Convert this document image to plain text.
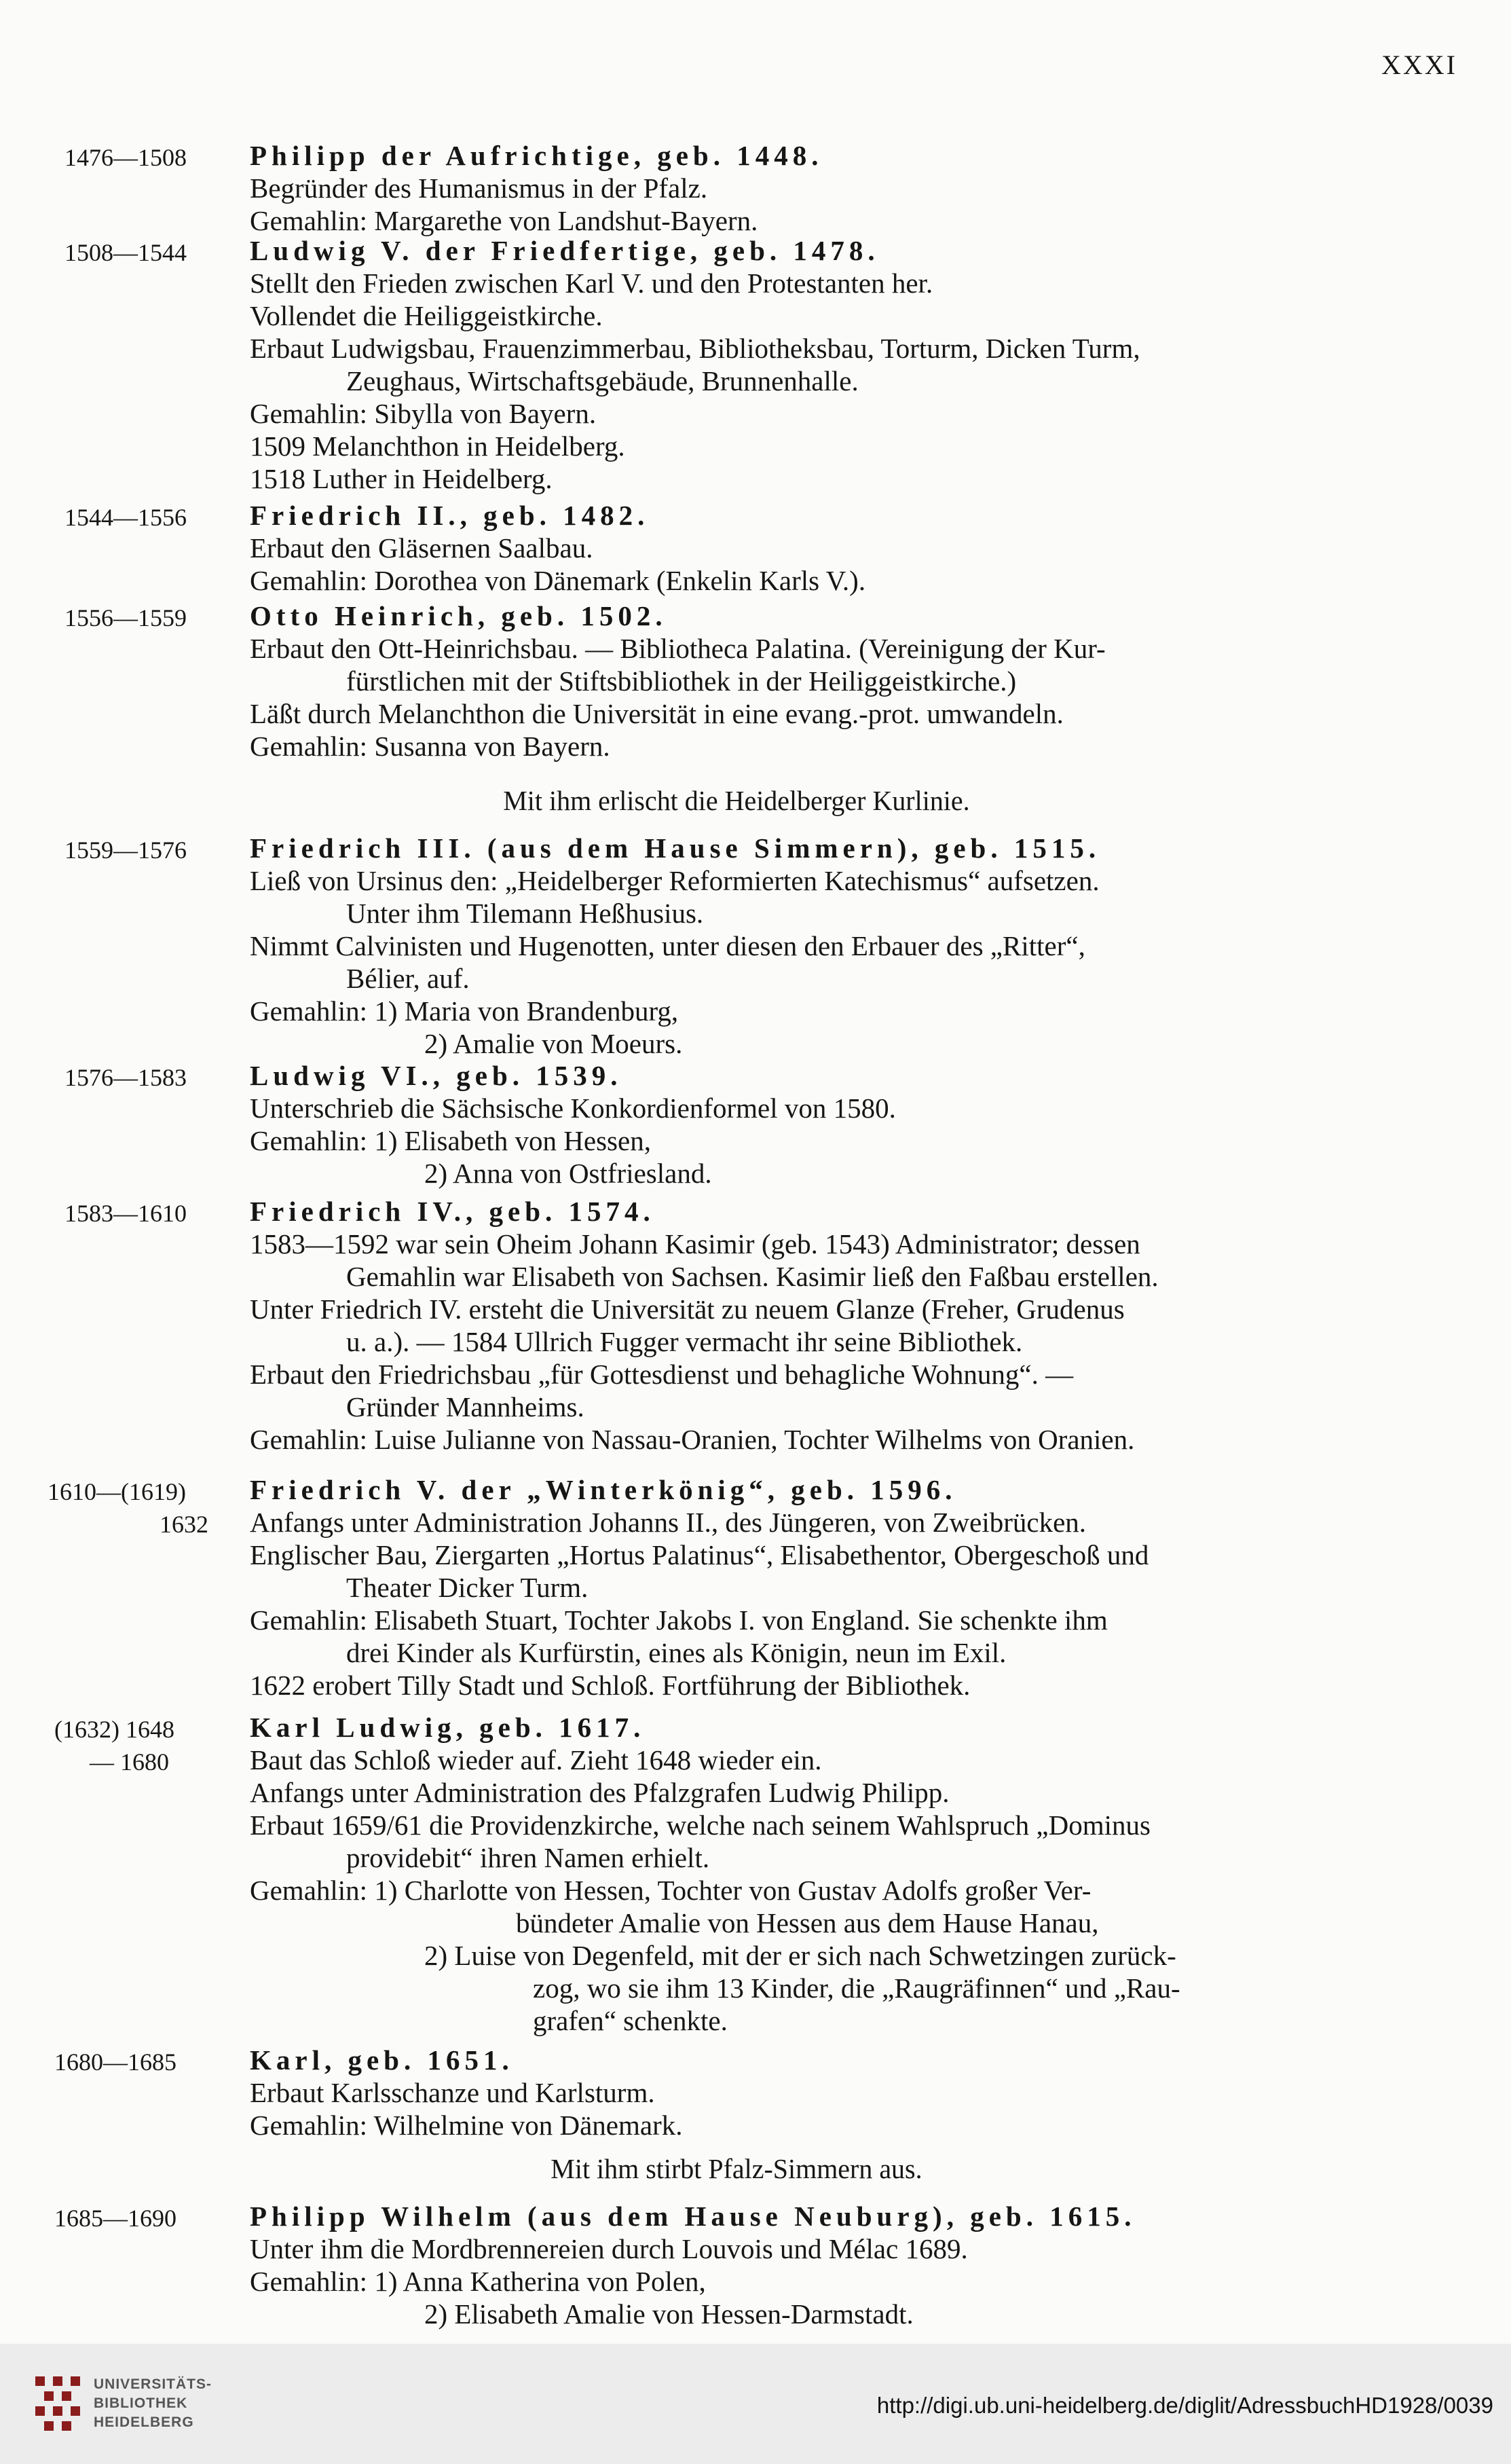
XXXI
1476—1508 Philipp der Aufrichtige, geb. 1448.
Begründer des Humanismus in der Pfalz.
Gemahlin: Margarethe von Landshut-Bayern.
1508—1544 Ludwig V. der Friedfertige, geb. 1478.
Stellt den Frieden zwischen Karl V. und den Protestanten her.
Vollendet die Heiliggeistkirche.
Erbaut Ludwigsbau, Frauenzimmerbau, Bibliotheksbau, Torturm, Dicken Turm,
Zeughaus, Wirtschaftsgebäude, Brunnenhalle.
Gemahlin: Sibylla von Bayern.
1509 Melanchthon in Heidelberg.
1518 Luther in Heidelberg.
1544—1556 Friedrich II., geb. 1482.
Erbaut den Gläsernen Saalbau.
Gemahlin: Dorothea von Dänemark (Enkelin Karls V.).
1556—1559 Otto Heinrich, geb. 1502.
Erbaut den Ott-Heinrichsbau. — Bibliotheca Palatina. (Vereinigung der Kur-
fürstlichen mit der Stiftsbibliothek in der Heiliggeistkirche.)
Läßt durch Melanchthon die Universität in eine evang.-prot. umwandeln.
Gemahlin: Susanna von Bayern.
Mit ihm erlischt die Heidelberger Kurlinie.
1559—1576 Friedrich III. (aus dem Hause Simmern), geb. 1515.
Ließ von Ursinus den: „Heidelberger Reformierten Katechismus“ aufsetzen.
Unter ihm Tilemann Heßhusius.
Nimmt Calvinisten und Hugenotten, unter diesen den Erbauer des „Ritter“,
Bélier, auf.
Gemahlin: 1) Maria von Brandenburg,
2) Amalie von Moeurs.
1576—1583 Ludwig VI., geb. 1539.
Unterschrieb die Sächsische Konkordienformel von 1580.
Gemahlin: 1) Elisabeth von Hessen,
2) Anna von Ostfriesland.
1583—1610 Friedrich IV., geb. 1574.
1583—1592 war sein Oheim Johann Kasimir (geb. 1543) Administrator; dessen
Gemahlin war Elisabeth von Sachsen. Kasimir ließ den Faßbau erstellen.
Unter Friedrich IV. ersteht die Universität zu neuem Glanze (Freher, Grudenus
u. a.). — 1584 Ullrich Fugger vermacht ihr seine Bibliothek.
Erbaut den Friedrichsbau „für Gottesdienst und behagliche Wohnung“. —
Gründer Mannheims.
Gemahlin: Luise Julianne von Nassau-Oranien, Tochter Wilhelms von Oranien.
1610—(1619)
1632
Friedrich V. der „Winterkönig“, geb. 1596.
Anfangs unter Administration Johanns II., des Jüngeren, von Zweibrücken.
Englischer Bau, Ziergarten „Hortus Palatinus“, Elisabethentor, Obergeschoß und
Theater Dicker Turm.
Gemahlin: Elisabeth Stuart, Tochter Jakobs I. von England. Sie schenkte ihm
drei Kinder als Kurfürstin, eines als Königin, neun im Exil.
1622 erobert Tilly Stadt und Schloß. Fortführung der Bibliothek.
(1632) 1648
— 1680
Karl Ludwig, geb. 1617.
Baut das Schloß wieder auf. Zieht 1648 wieder ein.
Anfangs unter Administration des Pfalzgrafen Ludwig Philipp.
Erbaut 1659/61 die Providenzkirche, welche nach seinem Wahlspruch „Dominus
providebit“ ihren Namen erhielt.
Gemahlin: 1) Charlotte von Hessen, Tochter von Gustav Adolfs großer Ver-
bündeter Amalie von Hessen aus dem Hause Hanau,
2) Luise von Degenfeld, mit der er sich nach Schwetzingen zurück-
zog, wo sie ihm 13 Kinder, die „Raugräfinnen“ und „Rau-
grafen“ schenkte.
1680—1685	Karl, geb. 1651.
Erbaut Karlsschanze und Karlsturm.
Gemahlin: Wilhelmine von Dänemark.
Mit ihm stirbt Pfalz-Simmern aus.
1685—1690	Philipp Wilhelm (aus dem Hause Neuburg), geb. 1615.
Unter ihm die Mordbrennereien durch Louvois und Mélac 1689.
Gemahlin: 1) Anna Katherina von Polen,
2) Elisabeth Amalie von Hessen-Darmstadt.
UNIVERSITÄTS-
BIBLIOTHEK
HEIDELBERG
http://digi.ub.uni-heidelberg.de/diglit/AdressbuchHD1928/0039
